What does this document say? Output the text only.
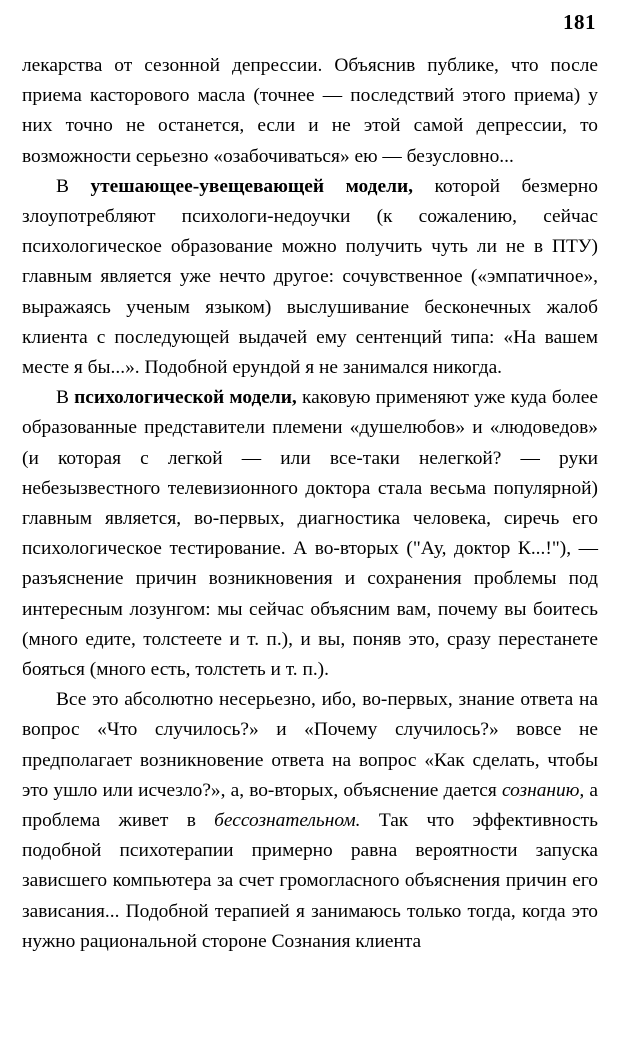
181

лекарства от сезонной депрессии. Объяснив публике, что после приема касторового масла (точнее — последствий этого приема) у них точно не останется, если и не этой самой депрессии, то возможности серьезно «озабочиваться» ею — безусловно...

В утешающее-увещевающей модели, которой безмерно злоупотребляют психологи-недоучки (к сожалению, сейчас психологическое образование можно получить чуть ли не в ПТУ) главным является уже нечто другое: сочувственное («эмпатичное», выражаясь ученым языком) выслушивание бесконечных жалоб клиента с последующей выдачей ему сентенций типа: «На вашем месте я бы...». Подобной ерундой я не занимался никогда.

В психологической модели, каковую применяют уже куда более образованные представители племени «душелюбов» и «людоведов» (и которая с легкой — или все-таки нелегкой? — руки небезызвестного телевизионного доктора стала весьма популярной) главным является, во-первых, диагностика человека, сиречь его психологическое тестирование. А во-вторых ("Ау, доктор К...!"), — разъяснение причин возникновения и сохранения проблемы под интересным лозунгом: мы сейчас объясним вам, почему вы боитесь (много едите, толстеете и т. п.), и вы, поняв это, сразу перестанете бояться (много есть, толстеть и т. п.).

Все это абсолютно несерьезно, ибо, во-первых, знание ответа на вопрос «Что случилось?» и «Почему случилось?» вовсе не предполагает возникновение ответа на вопрос «Как сделать, чтобы это ушло или исчезло?», а, во-вторых, объяснение дается сознанию, а проблема живет в бессознательном. Так что эффективность подобной психотерапии примерно равна вероятности запуска зависшего компьютера за счет громогласного объяснения причин его зависания... Подобной терапией я занимаюсь только тогда, когда это нужно рациональной стороне Сознания клиента
